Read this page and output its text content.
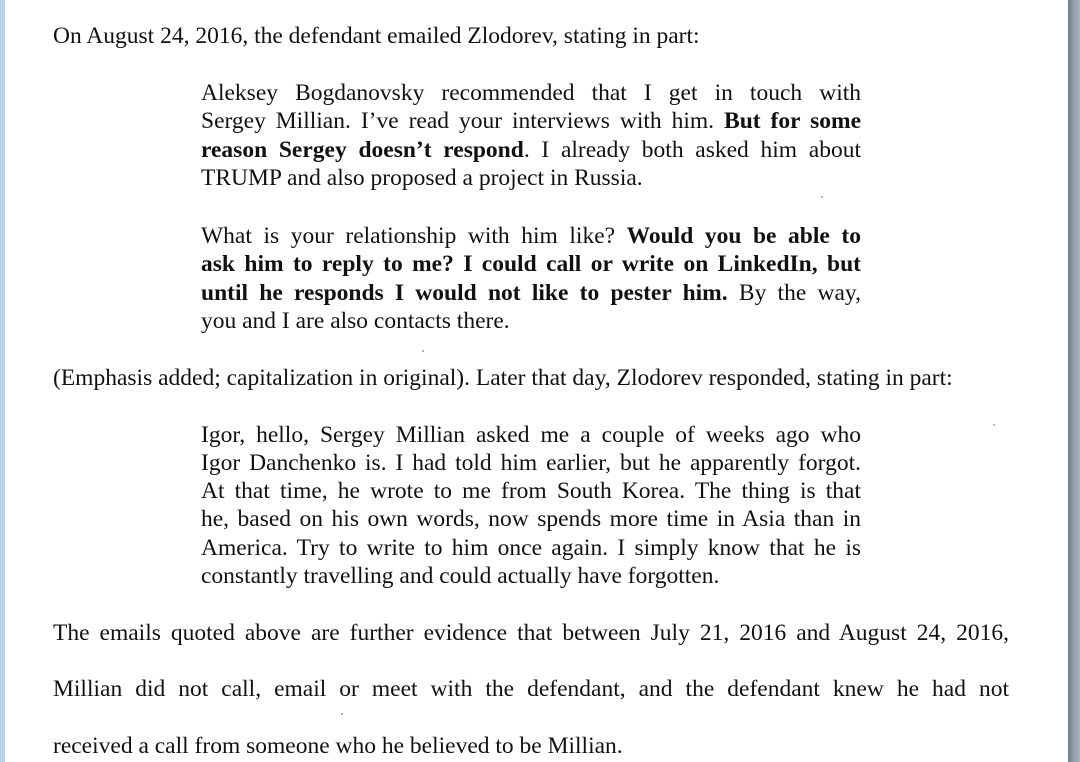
On August 24, 2016, the defendant emailed Zlodorev, stating in part:

Aleksey Bogdanovsky recommended that I get in touch with

Sergey Millian. I’ve read your interviews with him. But for some

reason Sergey doesn’t respond. I already both asked him about

TRUMP and also proposed a project in Russia.

What is your relationship with him like? Would you be able to

ask him to reply to me? I could call or write on LinkedIn, but

until he responds I would not like to pester him. By the way,

you and I are also contacts there.

(Emphasis added; capitalization in original). Later that day, Zlodorev responded, stating in part:

Igor, hello, Sergey Millian asked me a couple of weeks ago who

Igor Danchenko is. I had told him earlier, but he apparently forgot.

At that time, he wrote to me from South Korea. The thing is that

he, based on his own words, now spends more time in Asia than in

America. Try to write to him once again. I simply know that he is

constantly travelling and could actually have forgotten.

The emails quoted above are further evidence that between July 21, 2016 and August 24, 2016,

Millian did not call, email or meet with the defendant, and the defendant knew he had not

received a call from someone who he believed to be Millian.
